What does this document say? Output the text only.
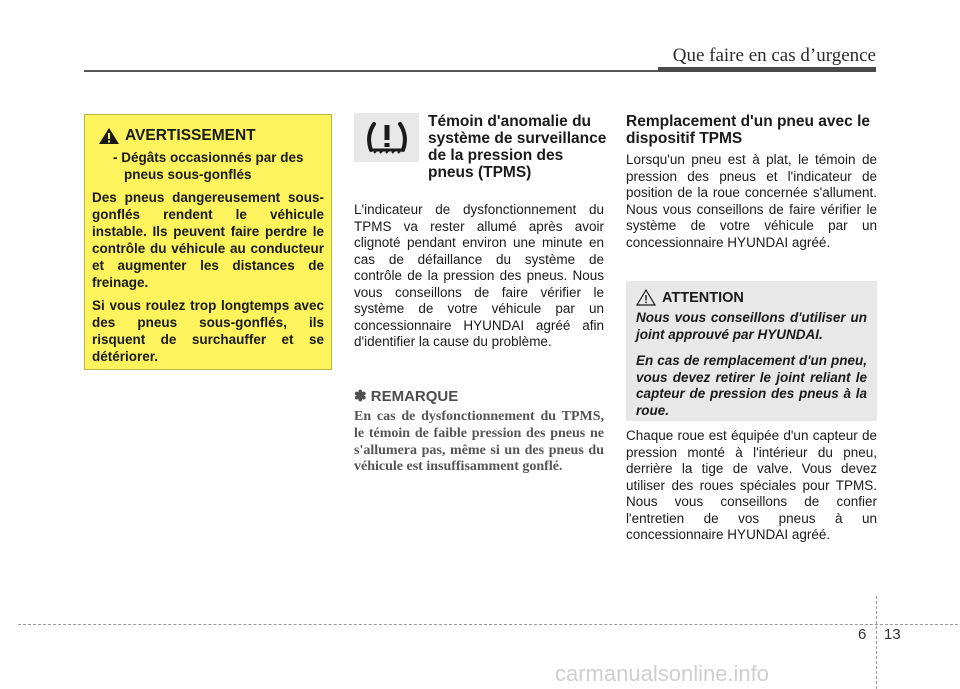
Que faire en cas d’urgence
AVERTISSEMENT
- Dégâts occasionnés par des pneus sous-gonflés

Des pneus dangereusement sous-gonflés rendent le véhicule instable. Ils peuvent faire perdre le contrôle du véhicule au conducteur et augmenter les distances de freinage.

Si vous roulez trop longtemps avec des pneus sous-gonflés, ils risquent de surchauffer et se détériorer.

Témoin d'anomalie du système de surveillance de la pression des pneus (TPMS)
L'indicateur de dysfonctionnement du TPMS va rester allumé après avoir clignoté pendant environ une minute en cas de défaillance du système de contrôle de la pression des pneus. Nous vous conseillons de faire vérifier le système de votre véhicule par un concessionnaire HYUNDAI agréé afin d'identifier la cause du problème.
✽ REMARQUE
En cas de dysfonctionnement du TPMS, le témoin de faible pression des pneus ne s'allumera pas, même si un des pneus du véhicule est insuffisamment gonflé.
Remplacement d'un pneu avec le dispositif TPMS
Lorsqu'un pneu est à plat, le témoin de pression des pneus et l'indicateur de position de la roue concernée s'allument. Nous vous conseillons de faire vérifier le système de votre véhicule par un concessionnaire HYUNDAI agréé.
ATTENTION

Nous vous conseillons d'utiliser un joint approuvé par HYUNDAI.

En cas de remplacement d'un pneu, vous devez retirer le joint reliant le capteur de pression des pneus à la roue.

Chaque roue est équipée d'un capteur de pression monté à l'intérieur du pneu, derrière la tige de valve. Vous devez utiliser des roues spéciales pour TPMS. Nous vous conseillons de confier l'entretien de vos pneus à un concessionnaire HYUNDAI agréé.
6 13
carmanualsonline.info
